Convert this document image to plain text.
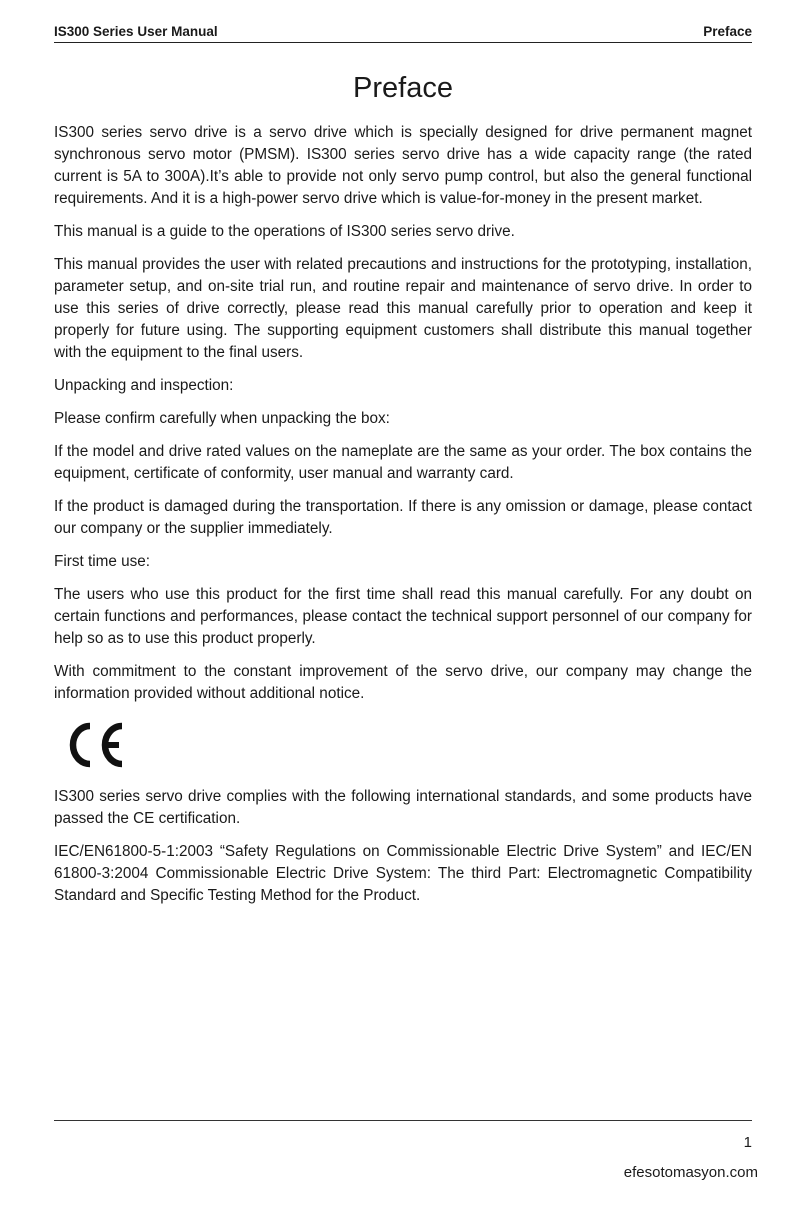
IS300 Series User Manual	Preface
Preface

IS300 series servo drive is a servo drive which is specially designed for drive permanent magnet synchronous servo motor (PMSM). IS300 series servo drive has a wide capacity range (the rated current is 5A to 300A).It’s able to provide not only servo pump control, but also the general functional requirements. And it is a high-power servo drive which is value-for-money in the present market.

This manual is a guide to the operations of IS300 series servo drive.

This manual provides the user with related precautions and instructions for the prototyping, installation, parameter setup, and on-site trial run, and routine repair and maintenance of servo drive. In order to use this series of drive correctly, please read this manual carefully prior to operation and keep it properly for future using. The supporting equipment customers shall distribute this manual together with the equipment to the final users.

Unpacking and inspection:

Please confirm carefully when unpacking the box:

If the model and drive rated values on the nameplate are the same as your order. The box contains the equipment, certificate of conformity, user manual and warranty card.

If the product is damaged during the transportation. If there is any omission or damage, please contact our company or the supplier immediately.

First time use:

The users who use this product for the first time shall read this manual carefully. For any doubt on certain functions and performances, please contact the technical support personnel of our company for help so as to use this product properly.

With commitment to the constant improvement of the servo drive, our company may change the information provided without additional notice.

IS300 series servo drive complies with the following international standards, and some products have passed the CE certification.

IEC/EN61800-5-1:2003 “Safety Regulations on Commissionable Electric Drive System” and IEC/EN 61800-3:2004 Commissionable Electric Drive System: The third Part: Electromagnetic Compatibility Standard and Specific Testing Method for the Product.

1
efesotomasyon.com
